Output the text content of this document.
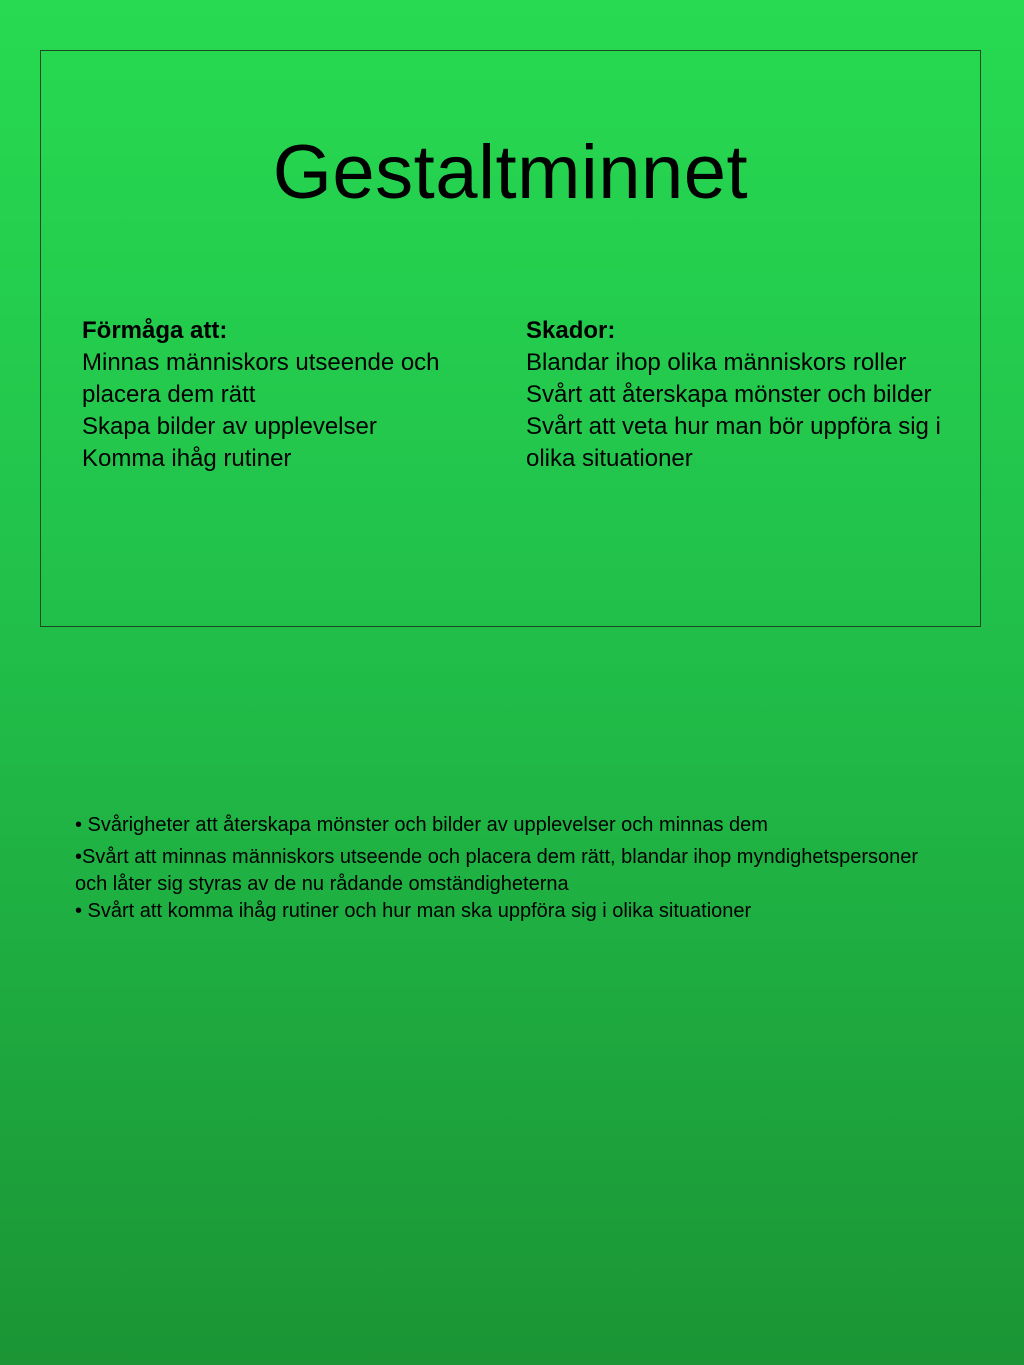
Gestaltminnet
Förmåga att:
Minnas människors utseende och placera dem rätt
Skapa bilder av upplevelser
Komma ihåg rutiner
Skador:
Blandar ihop olika människors roller
Svårt att återskapa mönster och bilder
Svårt att veta hur man bör uppföra sig i olika situationer
• Svårigheter att återskapa mönster och bilder av upplevelser och minnas dem
•Svårt att minnas människors utseende och placera dem rätt, blandar ihop myndighetspersoner och låter sig styras av de nu rådande omständigheterna
• Svårt att komma ihåg rutiner och hur man ska uppföra sig i olika situationer
